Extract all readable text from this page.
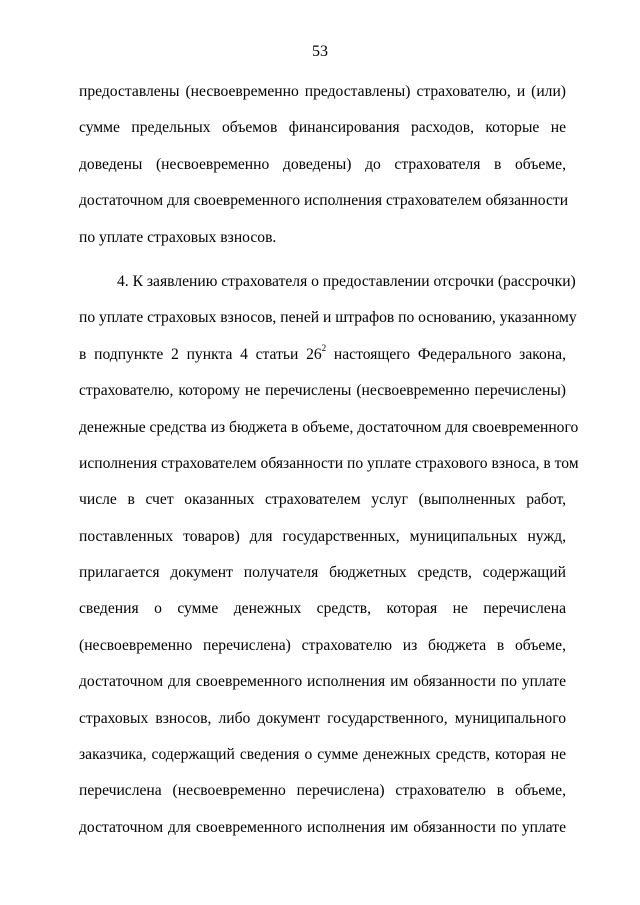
53
предоставлены (несвоевременно предоставлены) страхователю, и (или)
сумме предельных объемов финансирования расходов, которые не
доведены (несвоевременно доведены) до страхователя в объеме,
достаточном для своевременного исполнения страхователем обязанности
по уплате страховых взносов.
4. К заявлению страхователя о предоставлении отсрочки (рассрочки)
по уплате страховых взносов, пеней и штрафов по основанию, указанному
в подпункте 2 пункта 4 статьи $26^2$ настоящего Федерального закона,
страхователю, которому не перечислены (несвоевременно перечислены)
денежные средства из бюджета в объеме, достаточном для своевременного
исполнения страхователем обязанности по уплате страхового взноса, в том
числе в счет оказанных страхователем услуг (выполненных работ,
поставленных товаров) для государственных, муниципальных нужд,
прилагается документ получателя бюджетных средств, содержащий
сведения о сумме денежных средств, которая не перечислена
(несвоевременно перечислена) страхователю из бюджета в объеме,
достаточном для своевременного исполнения им обязанности по уплате
страховых взносов, либо документ государственного, муниципального
заказчика, содержащий сведения о сумме денежных средств, которая не
перечислена (несвоевременно перечислена) страхователю в объеме,
достаточном для своевременного исполнения им обязанности по уплате
